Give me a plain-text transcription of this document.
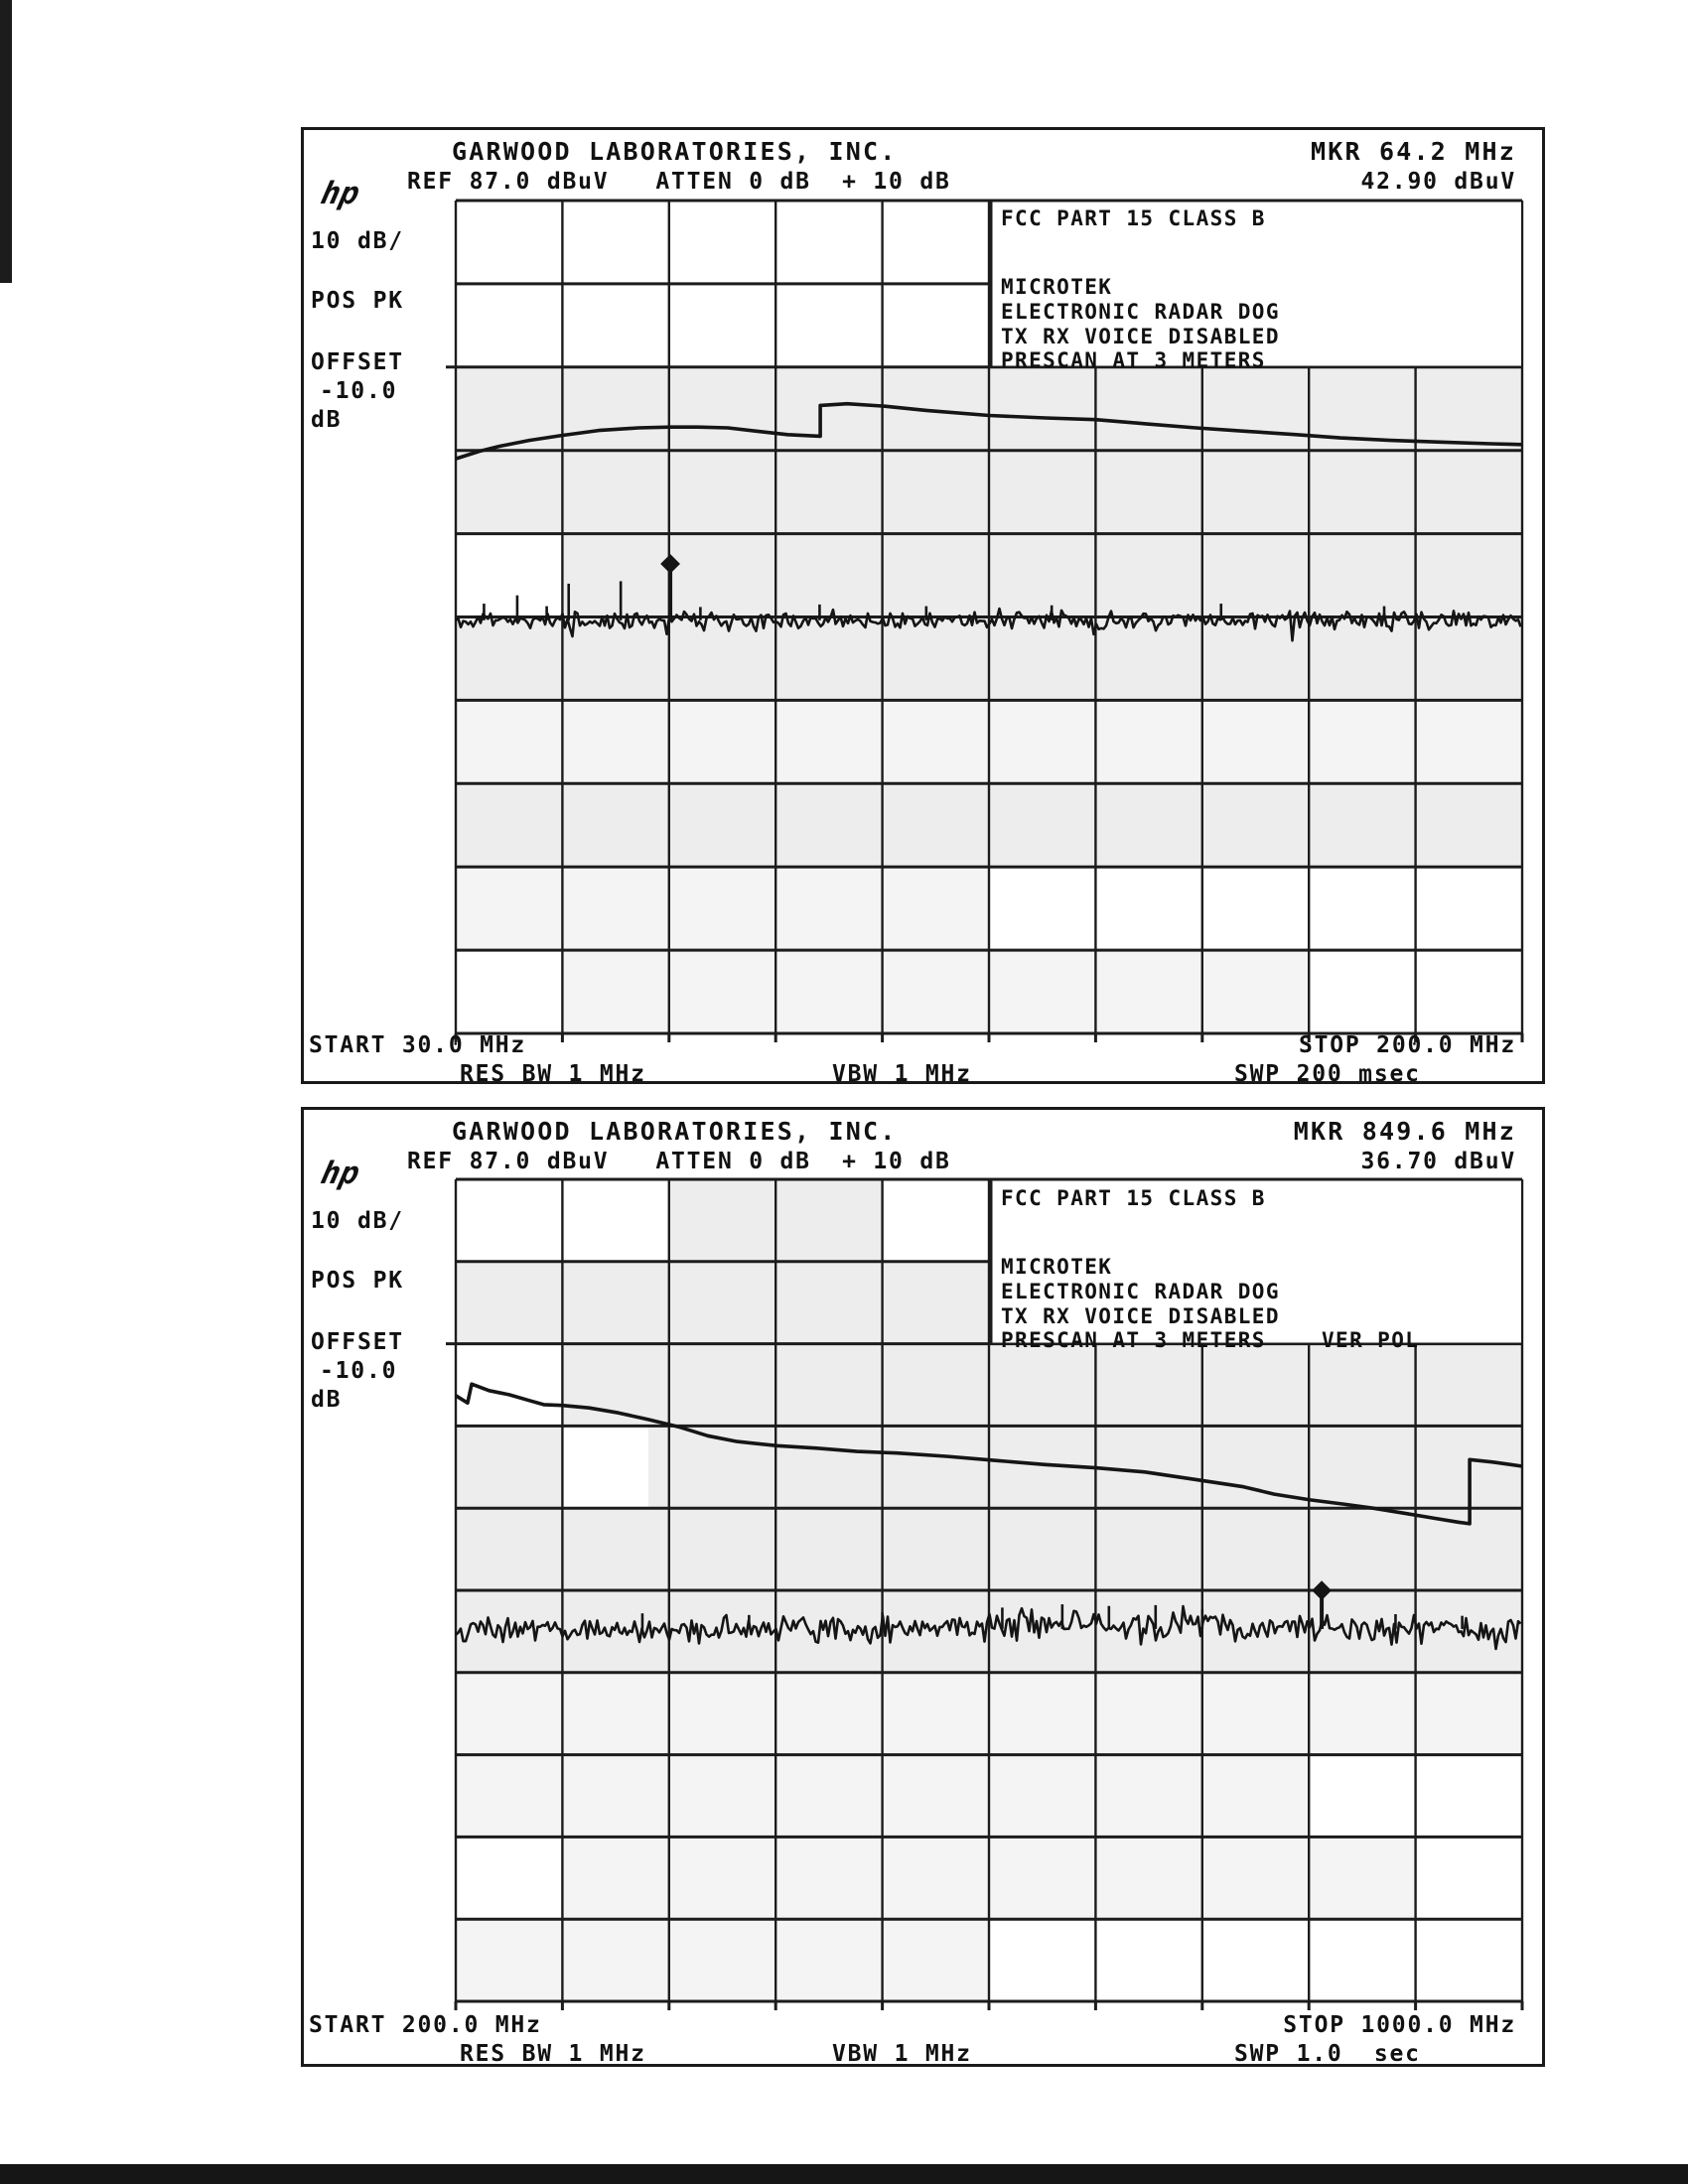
GARWOOD LABORATORIES, INC.	MKR 64.2 MHz
REF 87.0 dBuV   ATTEN 0 dB  + 10 dB	42.90 dBuV
hp
10 dB/
POS PK
OFFSET
-10.0
dB
FCC PART 15 CLASS B
MICROTEK
ELECTRONIC RADAR DOG
TX RX VOICE DISABLED
PRESCAN AT 3 METERS
START 30.0 MHz	STOP 200.0 MHz
RES BW 1 MHz	VBW 1 MHz	SWP 200 msec
GARWOOD LABORATORIES, INC.	MKR 849.6 MHz
REF 87.0 dBuV   ATTEN 0 dB  + 10 dB	36.70 dBuV
hp
10 dB/
POS PK
OFFSET
-10.0
dB
FCC PART 15 CLASS B
MICROTEK
ELECTRONIC RADAR DOG
TX RX VOICE DISABLED
PRESCAN AT 3 METERS    VER POL
START 200.0 MHz	STOP 1000.0 MHz
RES BW 1 MHz	VBW 1 MHz	SWP 1.0  sec
